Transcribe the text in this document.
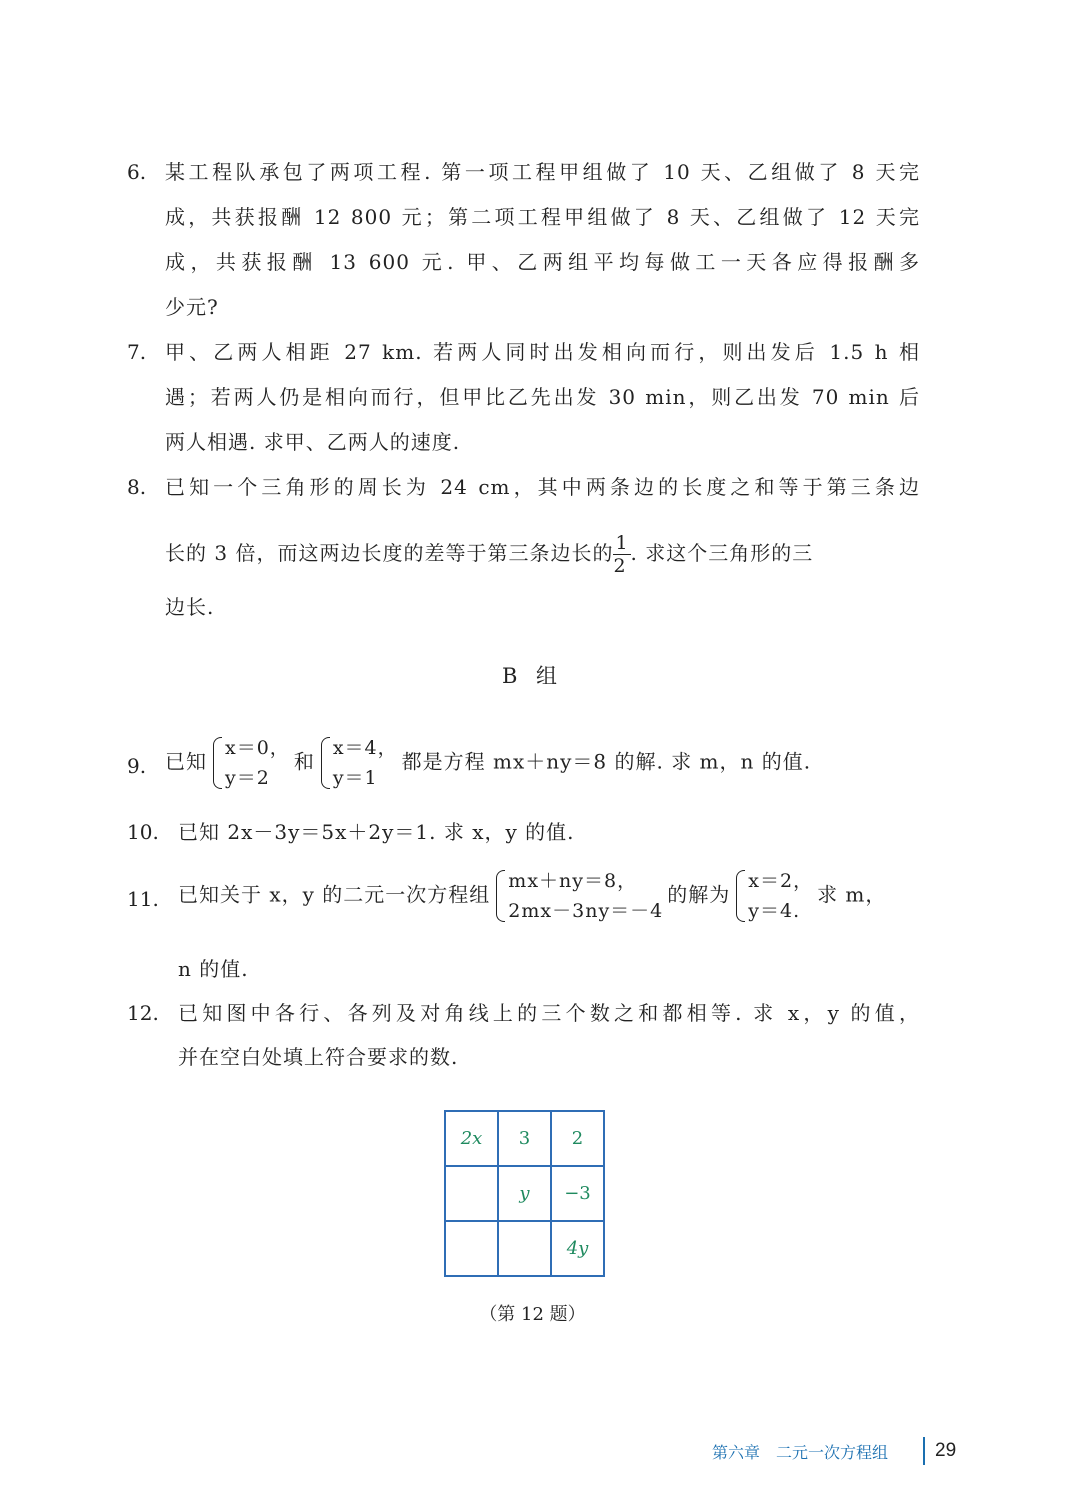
6. 某工程队承包了两项工程. 第一项工程甲组做了 10 天、乙组做了 8 天完
成，共获报酬 12 800 元；第二项工程甲组做了 8 天、乙组做了 12 天完
成，共获报酬 13 600 元. 甲、乙两组平均每做工一天各应得报酬多
少元?
7. 甲、乙两人相距 27 km. 若两人同时出发相向而行，则出发后 1.5 h 相
遇；若两人仍是相向而行，但甲比乙先出发 30 min，则乙出发 70 min 后
两人相遇. 求甲、乙两人的速度.
8. 已知一个三角形的周长为 24 cm，其中两条边的长度之和等于第三条边
长的 3 倍，而这两边长度的差等于第三条边长的 $\frac{1}{2}$ . 求这个三角形的三
边长.
B 组
9. 已知
x＝0，
y＝2
和
x＝4，
y＝1
都是方程 mx＋ny＝8 的解. 求 m，n 的值.
10. 已知 2x－3y＝5x＋2y＝1. 求 x，y 的值.
11. 已知关于 x，y 的二元一次方程组
mx＋ny＝8，
2mx－3ny＝－4
的解为
x＝2，
y＝4.
求 m，
n 的值.
12. 已知图中各行、各列及对角线上的三个数之和都相等. 求 x，y 的值，
并在空白处填上符合要求的数.
2x	3	2
	y	−3
		4y
（第 12 题）
第六章　二元一次方程组 29
